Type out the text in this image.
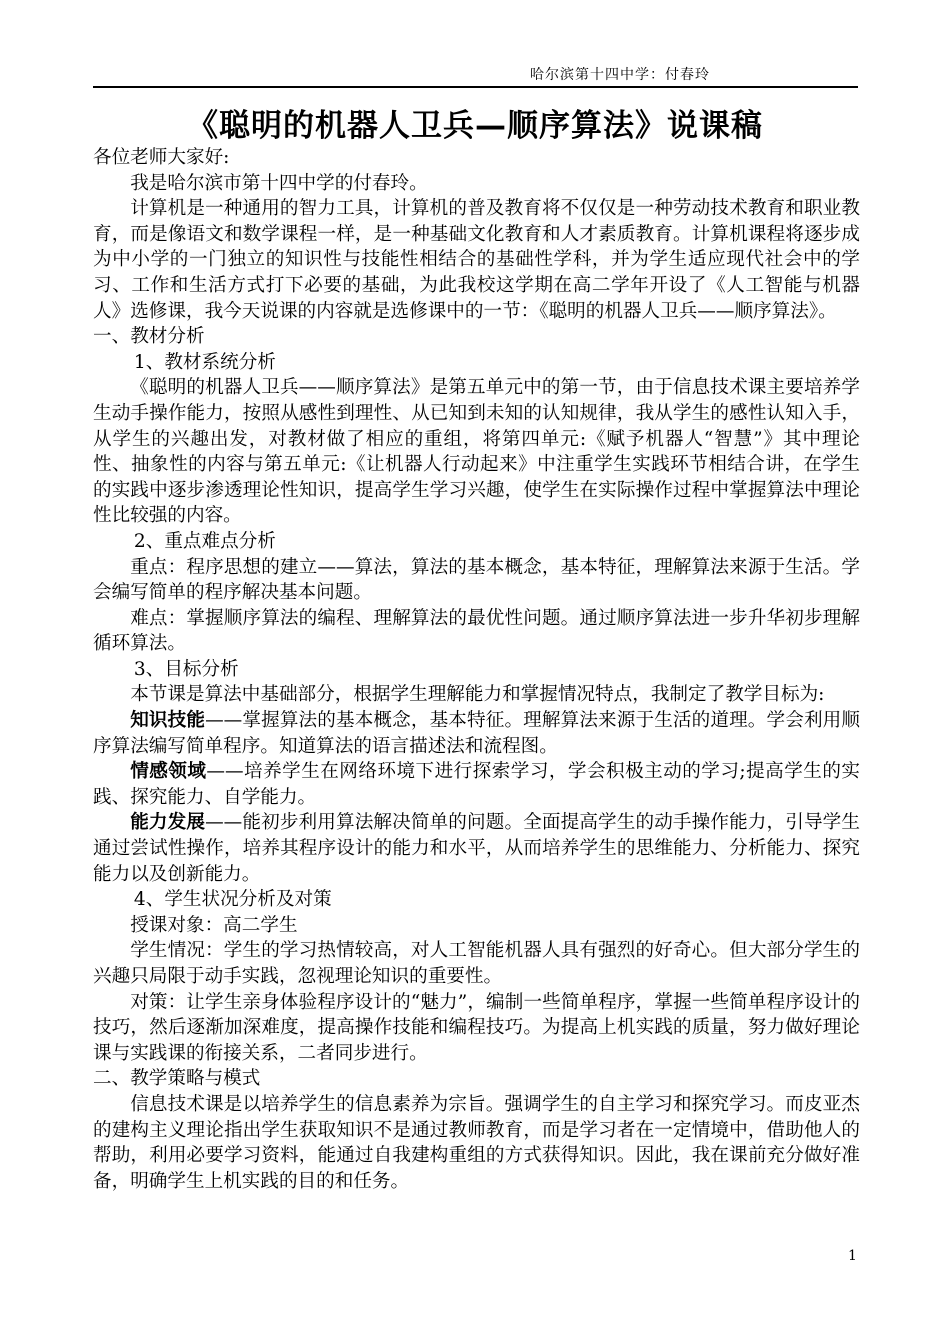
哈尔滨第十四中学：付春玲
《聪明的机器人卫兵—顺序算法》说课稿

各位老师大家好:

我是哈尔滨市第十四中学的付春玲。

计算机是一种通用的智力工具，计算机的普及教育将不仅仅是一种劳动技术教育和职业教育，而是像语文和数学课程一样，是一种基础文化教育和人才素质教育。计算机课程将逐步成为中小学的一门独立的知识性与技能性相结合的基础性学科，并为学生适应现代社会中的学习、工作和生活方式打下必要的基础，为此我校这学期在高二学年开设了《人工智能与机器人》选修课，我今天说课的内容就是选修课中的一节：《聪明的机器人卫兵——顺序算法》。

一、教材分析

1、教材系统分析

《聪明的机器人卫兵——顺序算法》是第五单元中的第一节，由于信息技术课主要培养学生动手操作能力，按照从感性到理性、从已知到未知的认知规律，我从学生的感性认知入手，从学生的兴趣出发，对教材做了相应的重组，将第四单元:《赋予机器人“智慧”》其中理论性、抽象性的内容与第五单元:《让机器人行动起来》中注重学生实践环节相结合讲，在学生的实践中逐步渗透理论性知识，提高学生学习兴趣，使学生在实际操作过程中掌握算法中理论性比较强的内容。

2、重点难点分析

重点：程序思想的建立——算法，算法的基本概念，基本特征，理解算法来源于生活。学会编写简单的程序解决基本问题。

难点：掌握顺序算法的编程、理解算法的最优性问题。通过顺序算法进一步升华初步理解循环算法。

3、目标分析

本节课是算法中基础部分，根据学生理解能力和掌握情况特点，我制定了教学目标为:

知识技能——掌握算法的基本概念，基本特征。理解算法来源于生活的道理。学会利用顺序算法编写简单程序。知道算法的语言描述法和流程图。

情感领域——培养学生在网络环境下进行探索学习，学会积极主动的学习;提高学生的实践、探究能力、自学能力。

能力发展——能初步利用算法解决简单的问题。全面提高学生的动手操作能力，引导学生通过尝试性操作，培养其程序设计的能力和水平，从而培养学生的思维能力、分析能力、探究能力以及创新能力。

4、学生状况分析及对策

授课对象：高二学生

学生情况：学生的学习热情较高，对人工智能机器人具有强烈的好奇心。但大部分学生的兴趣只局限于动手实践，忽视理论知识的重要性。

对策：让学生亲身体验程序设计的“魅力”，编制一些简单程序，掌握一些简单程序设计的技巧，然后逐渐加深难度，提高操作技能和编程技巧。为提高上机实践的质量，努力做好理论课与实践课的衔接关系，二者同步进行。

二、教学策略与模式

信息技术课是以培养学生的信息素养为宗旨。强调学生的自主学习和探究学习。而皮亚杰的建构主义理论指出学生获取知识不是通过教师教育，而是学习者在一定情境中，借助他人的帮助，利用必要学习资料，能通过自我建构重组的方式获得知识。因此，我在课前充分做好准备，明确学生上机实践的目的和任务。

1
